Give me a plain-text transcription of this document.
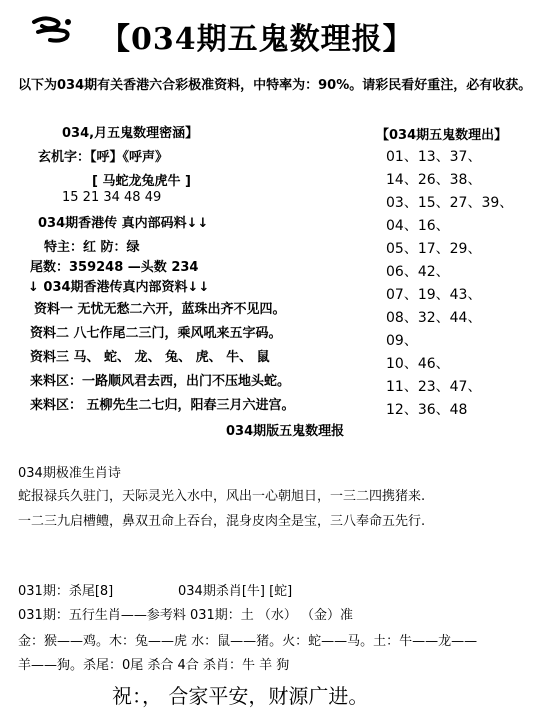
【034期五鬼数理报】
以下为034期有关香港六合彩极准资料，中特率为：90%。请彩民看好重注，必有收获。
034,月五鬼数理密涵】
玄机字：【呼】《呼声》
[ 马蛇龙兔虎牛 ]
15 21 34 48 49
034期香港传 真内部码料↓↓
特主：红 防：绿
尾数：359248 —头数 234
↓ 034期香港传真内部资料↓↓
资料一 无忧无愁二六开，蓝珠出齐不见四。
资料二 八七作尾二三门，乘风吼来五字码。
资料三 马、 蛇、 龙、 兔、 虎、 牛、 鼠
来料区：一路顺风君去西，出门不压地头蛇。
来料区： 五柳先生二七归，阳春三月六进宫。
【034期五鬼数理出】
01、13、37、
14、26、38、
03、15、27、39、
04、16、
05、17、29、
06、42、
07、19、43、
08、32、44、
09、
10、46、
11、23、47、
12、36、48
034期版五鬼数理报
034期极准生肖诗
蛇报禄兵久驻门，天际灵光入水中，风出一心朝旭日，一三二四携猪来.
一二三九启槽鳢，鼻双丑命上吞台，混身皮肉全是宝，三八奉命五先行.
031期：杀尾[8]	034期杀肖[牛] [蛇]
031期：五行生肖——参考料 031期：土 （水） （金）准
金：猴——鸡。木：兔——虎 水：鼠——猪。火：蛇——马。土：牛——龙——
羊——狗。杀尾：0尾 杀合 4合 杀肖：牛 羊 狗
祝：， 合家平安，财源广进。
